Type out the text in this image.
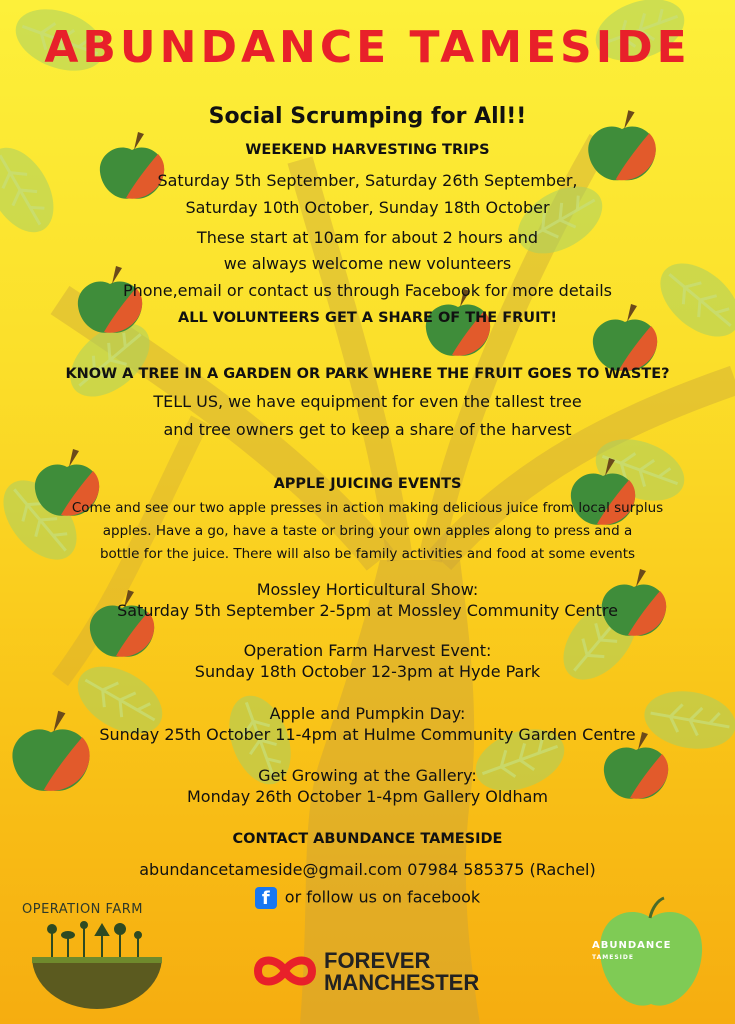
ABUNDANCE TAMESIDE
Social Scrumping for All!!
WEEKEND HARVESTING TRIPS
Saturday 5th September, Saturday 26th September,
Saturday 10th October, Sunday 18th October
These start at 10am for about 2 hours and
we always welcome new volunteers
Phone,email or contact us through Facebook for more details
ALL VOLUNTEERS GET A SHARE OF THE FRUIT!
KNOW A TREE IN A GARDEN OR PARK WHERE THE FRUIT GOES TO WASTE?
TELL US, we have equipment for even the tallest tree
and tree owners get to keep a share of the harvest
APPLE JUICING EVENTS
Come and see our two apple presses in action making delicious juice from local surplus
apples. Have a go, have a taste or bring your own apples along to press and a
bottle for the juice. There will also be family activities and food at some events
Mossley Horticultural Show:
Saturday 5th September 2-5pm at Mossley Community Centre
Operation Farm Harvest Event:
Sunday 18th October 12-3pm at Hyde Park
Apple and Pumpkin Day:
Sunday 25th October 11-4pm at Hulme Community Garden Centre
Get Growing at the Gallery:
Monday 26th October 1-4pm Gallery Oldham
CONTACT ABUNDANCE TAMESIDE
abundancetameside@gmail.com 07984 585375 (Rachel)
f or follow us on facebook
OPERATION FARM
FOREVER
MANCHESTER
ABUNDANCE
TAMESIDE
